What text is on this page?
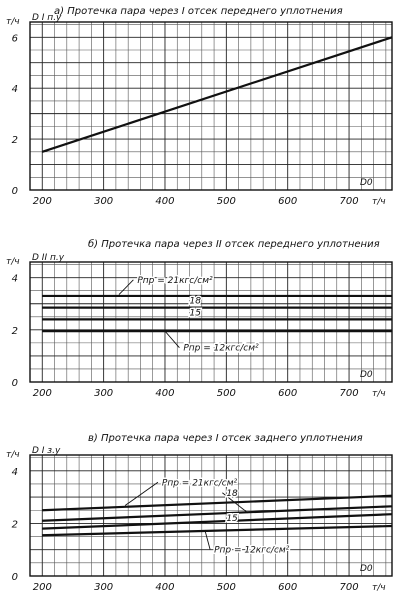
а) Протечка пара через I отсек переднего уплотнения
0
2
4
6
200	300	400	500	600	700
т/ч D I п.у
D0
т/ч
б) Протечка пара через II отсек переднего уплотнения
0
2
4
200	300	400	500	600	700
т/ч D II п.у
D0
т/ч
Pпр = 21кгс/см²
18
15
Pпр = 12кгс/см²
в) Протечка пара через I отсек заднего уплотнения
0
2
4
200	300	400	500	600	700
т/ч D I з.у
D0
т/ч
Pпр = 21кгс/см²
18
15
Pпр = 12кгс/см²
